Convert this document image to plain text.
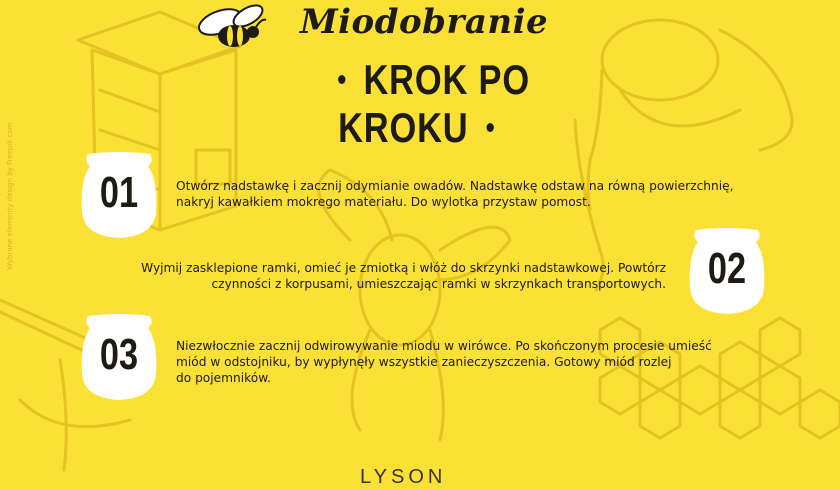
Miodobranie
KROK PO KROKU
Wybrane elementy design by Freepik.com 01	Otwórz nadstawkę i zacznij odymianie owadów. Nadstawkę odstaw na równą powierzchnię,
nakryj kawałkiem mokrego materiału. Do wylotka przystaw pomost.
02
Wyjmij zasklepione ramki, omieć je zmiotką i włóż do skrzynki nadstawkowej. Powtórz
czynności z korpusami, umieszczając ramki w skrzynkach transportowych.
03	Niezwłocznie zacznij odwirowywanie miodu w wirówce. Po skończonym procesie umieść
miód w odstojniku, by wypłynęły wszystkie zanieczyszczenia. Gotowy miód rozlej
do pojemników.
LYSON
